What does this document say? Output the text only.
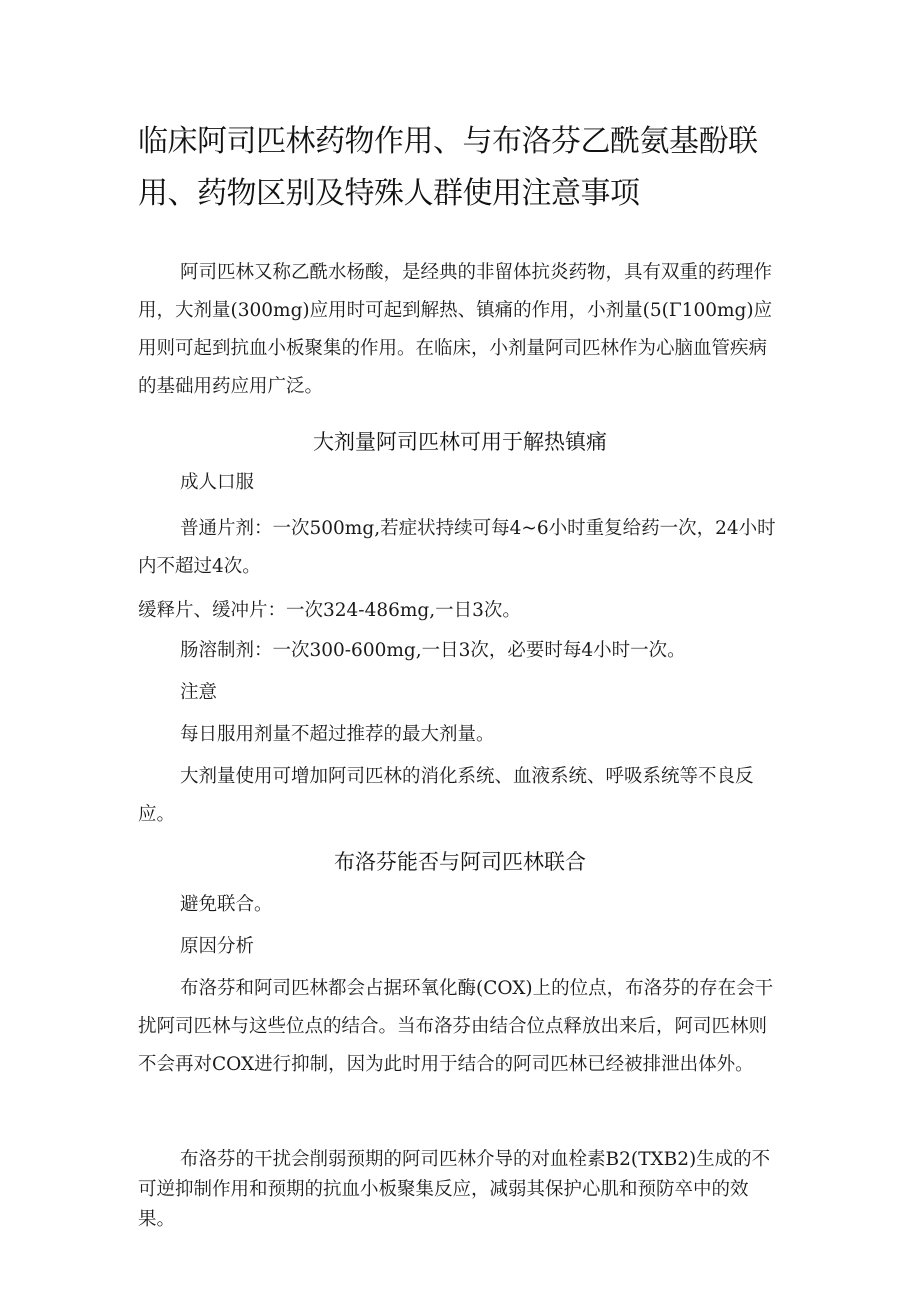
临床阿司匹林药物作用、与布洛芬乙酰氨基酚联用、药物区别及特殊人群使用注意事项

阿司匹林又称乙酰水杨酸，是经典的非留体抗炎药物，具有双重的药理作用，大剂量(300mg)应用时可起到解热、镇痛的作用，小剂量(5(Γ100mg)应用则可起到抗血小板聚集的作用。在临床，小剂量阿司匹林作为心脑血管疾病的基础用药应用广泛。

大剂量阿司匹林可用于解热镇痛

成人口服

普通片剂：一次500mg,若症状持续可每4~6小时重复给药一次，24小时内不超过4次。

缓释片、缓冲片：一次324-486mg,一日3次。

肠溶制剂：一次300-600mg,一日3次，必要时每4小时一次。

注意

每日服用剂量不超过推荐的最大剂量。

大剂量使用可增加阿司匹林的消化系统、血液系统、呼吸系统等不良反应。

布洛芬能否与阿司匹林联合

避免联合。

原因分析

布洛芬和阿司匹林都会占据环氧化酶(COX)上的位点，布洛芬的存在会干扰阿司匹林与这些位点的结合。当布洛芬由结合位点释放出来后，阿司匹林则不会再对COX进行抑制，因为此时用于结合的阿司匹林已经被排泄出体外。

布洛芬的干扰会削弱预期的阿司匹林介导的对血栓素B2(TXB2)生成的不可逆抑制作用和预期的抗血小板聚集反应，减弱其保护心肌和预防卒中的效果。
